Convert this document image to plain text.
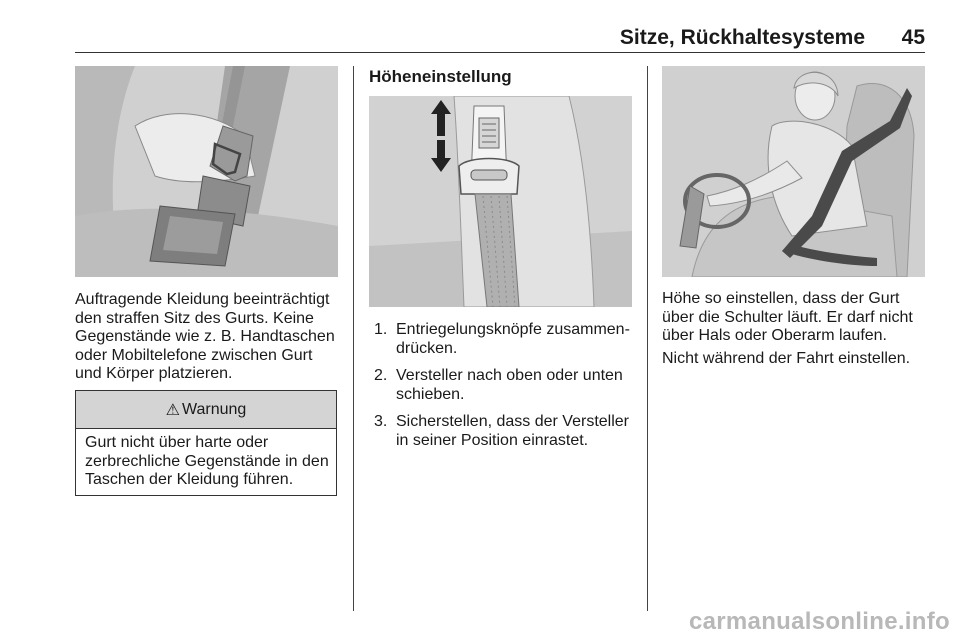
Sitze, Rückhaltesysteme 45

Auftragende Kleidung beeinträchtigt
den straffen Sitz des Gurts. Keine
Gegenstände wie z. B. Handtaschen
oder Mobiltelefone zwischen Gurt
und Körper platzieren.

⚠ Warnung
Gurt nicht über harte oder
zerbrechliche Gegenstände in den
Taschen der Kleidung führen.
Höheneinstellung
1. Entriegelungsknöpfe zusammen-
drücken.
2. Versteller nach oben oder unten
schieben.
3. Sicherstellen, dass der Versteller
in seiner Position einrastet.

Höhe so einstellen, dass der Gurt
über die Schulter läuft. Er darf nicht
über Hals oder Oberarm laufen.

Nicht während der Fahrt einstellen.

carmanualsonline.info
